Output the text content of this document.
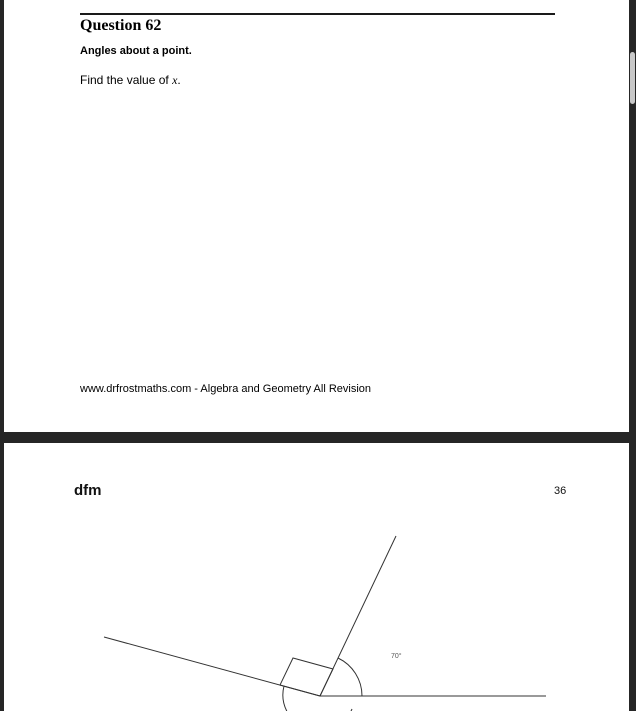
Question 62
Angles about a point.
Find the value of x.
www.drfrostmaths.com - Algebra and Geometry All Revision
dfm	36
70°
